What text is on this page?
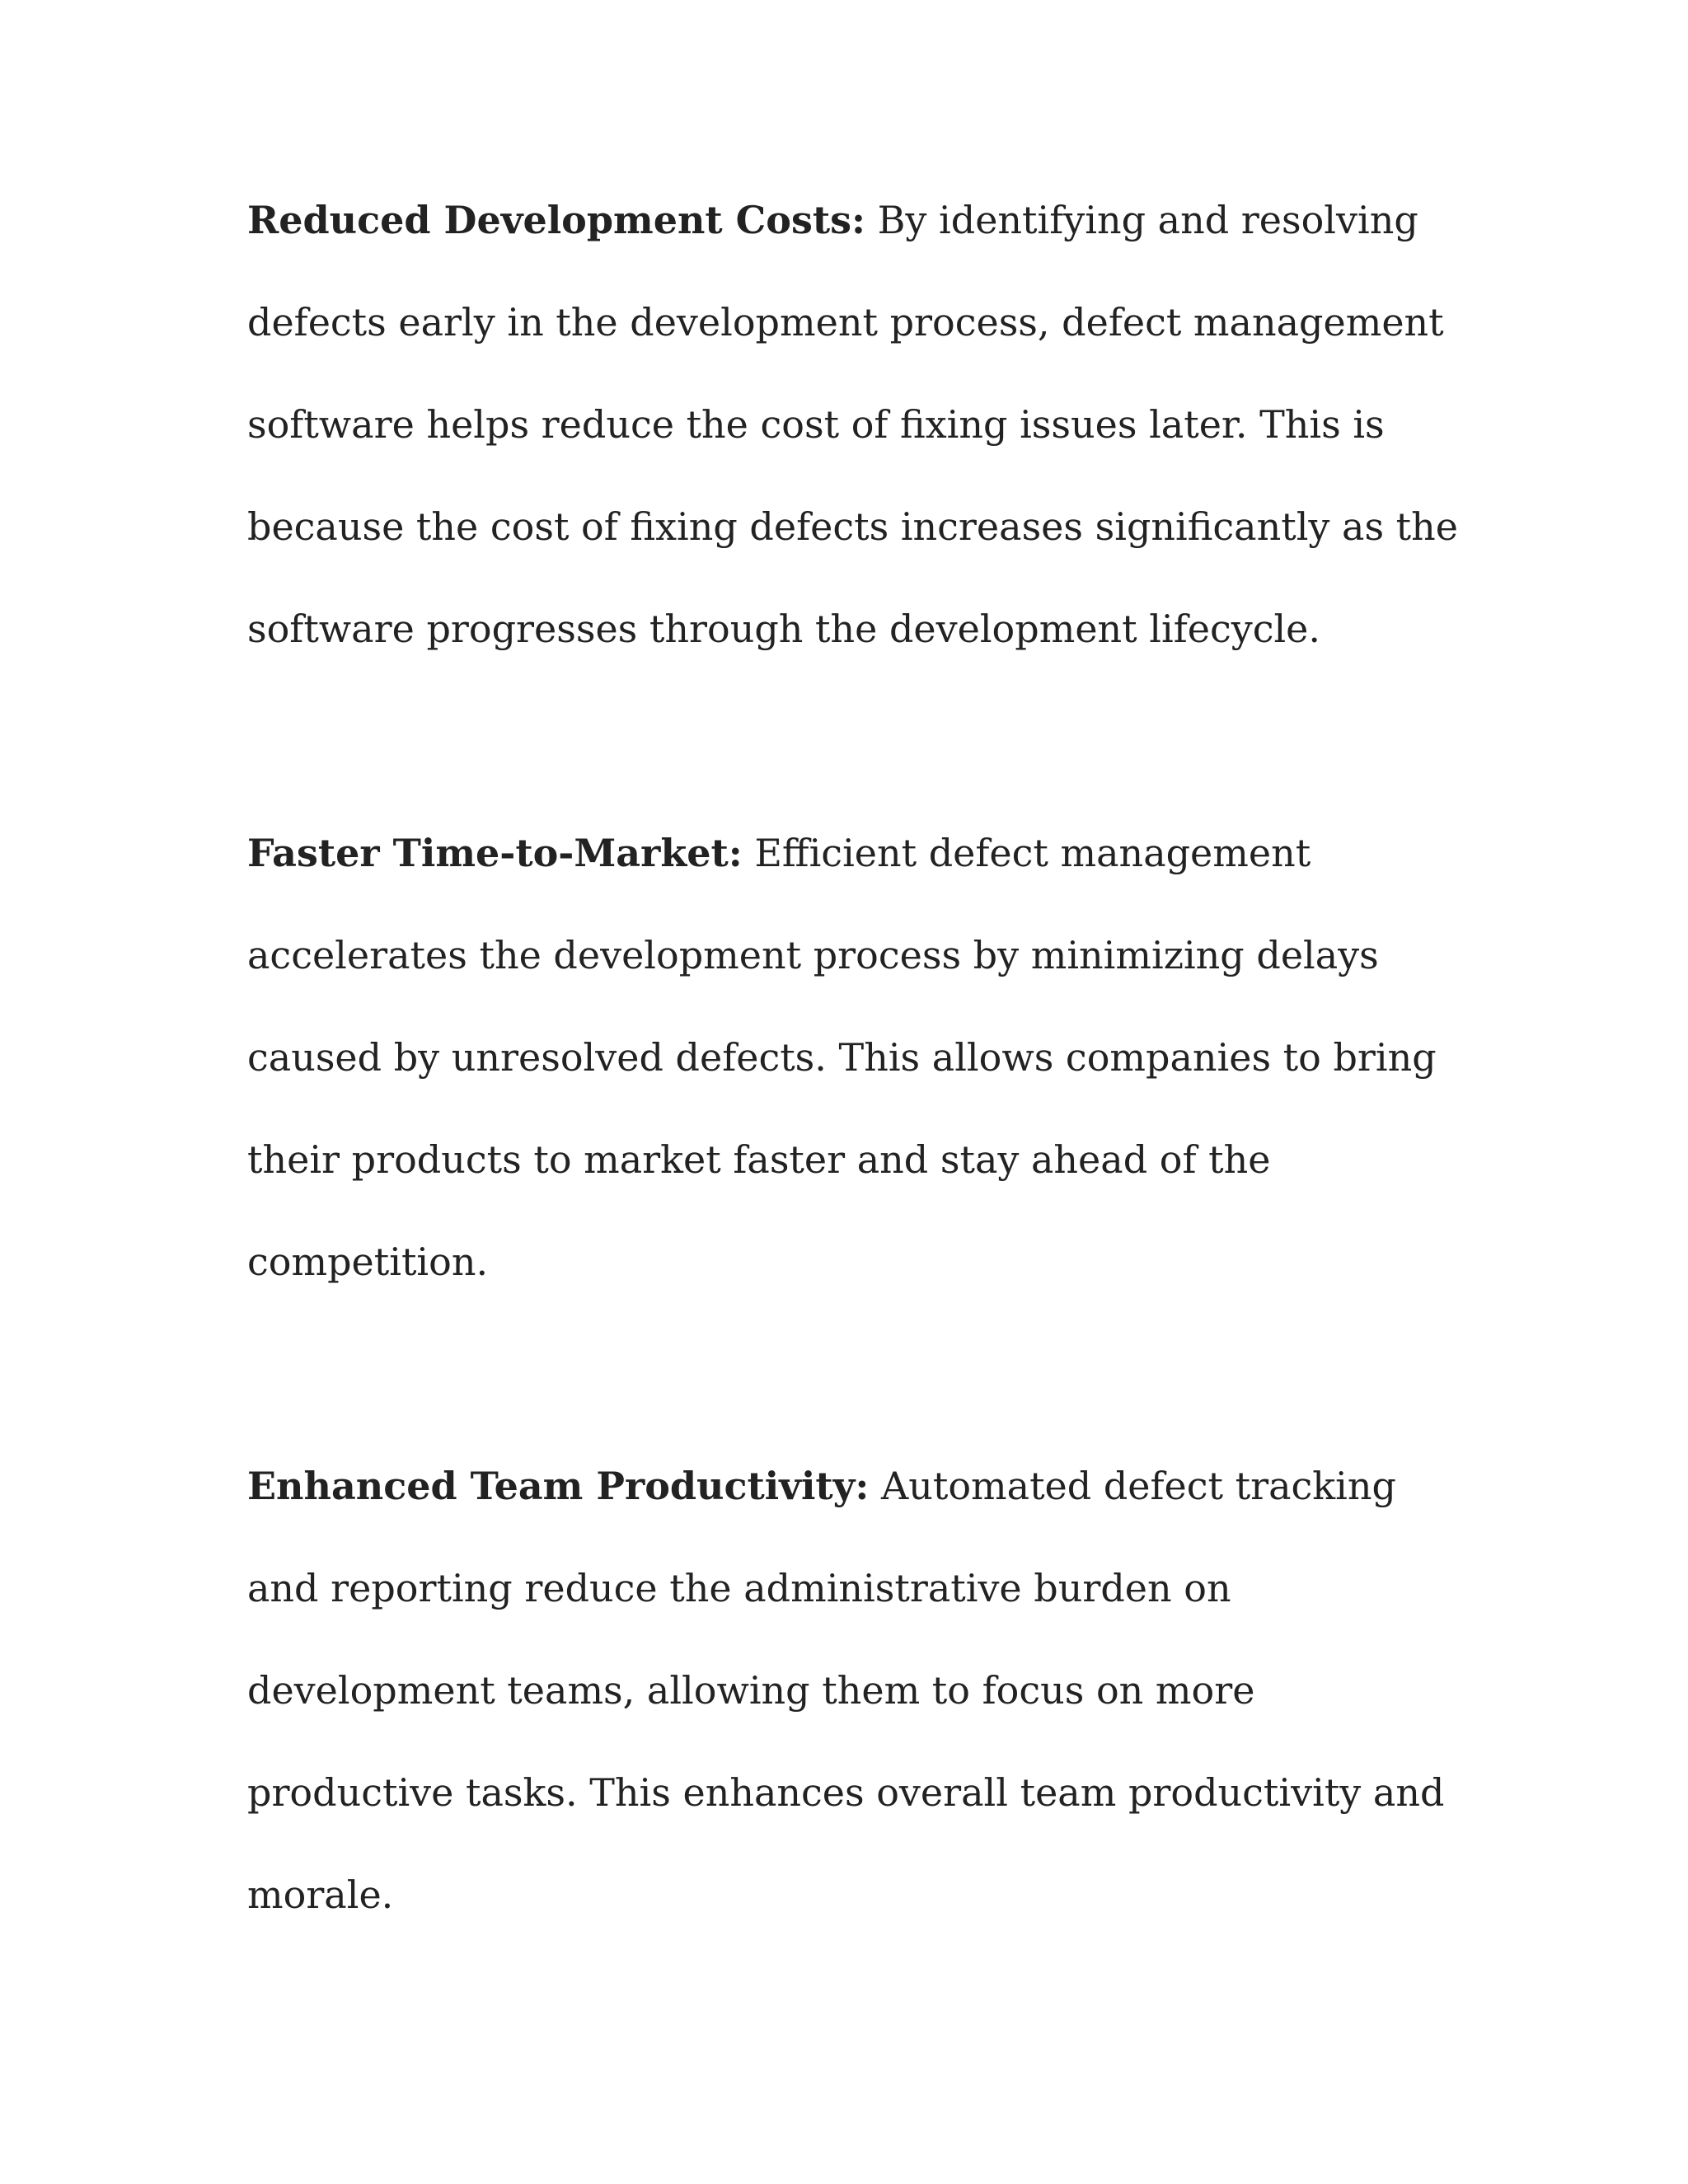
Reduced Development Costs: By identifying and resolving defects early in the development process, defect management software helps reduce the cost of fixing issues later. This is because the cost of fixing defects increases significantly as the software progresses through the development lifecycle.

Faster Time-to-Market: Efficient defect management accelerates the development process by minimizing delays caused by unresolved defects. This allows companies to bring their products to market faster and stay ahead of the competition.

Enhanced Team Productivity: Automated defect tracking and reporting reduce the administrative burden on development teams, allowing them to focus on more productive tasks. This enhances overall team productivity and morale.
